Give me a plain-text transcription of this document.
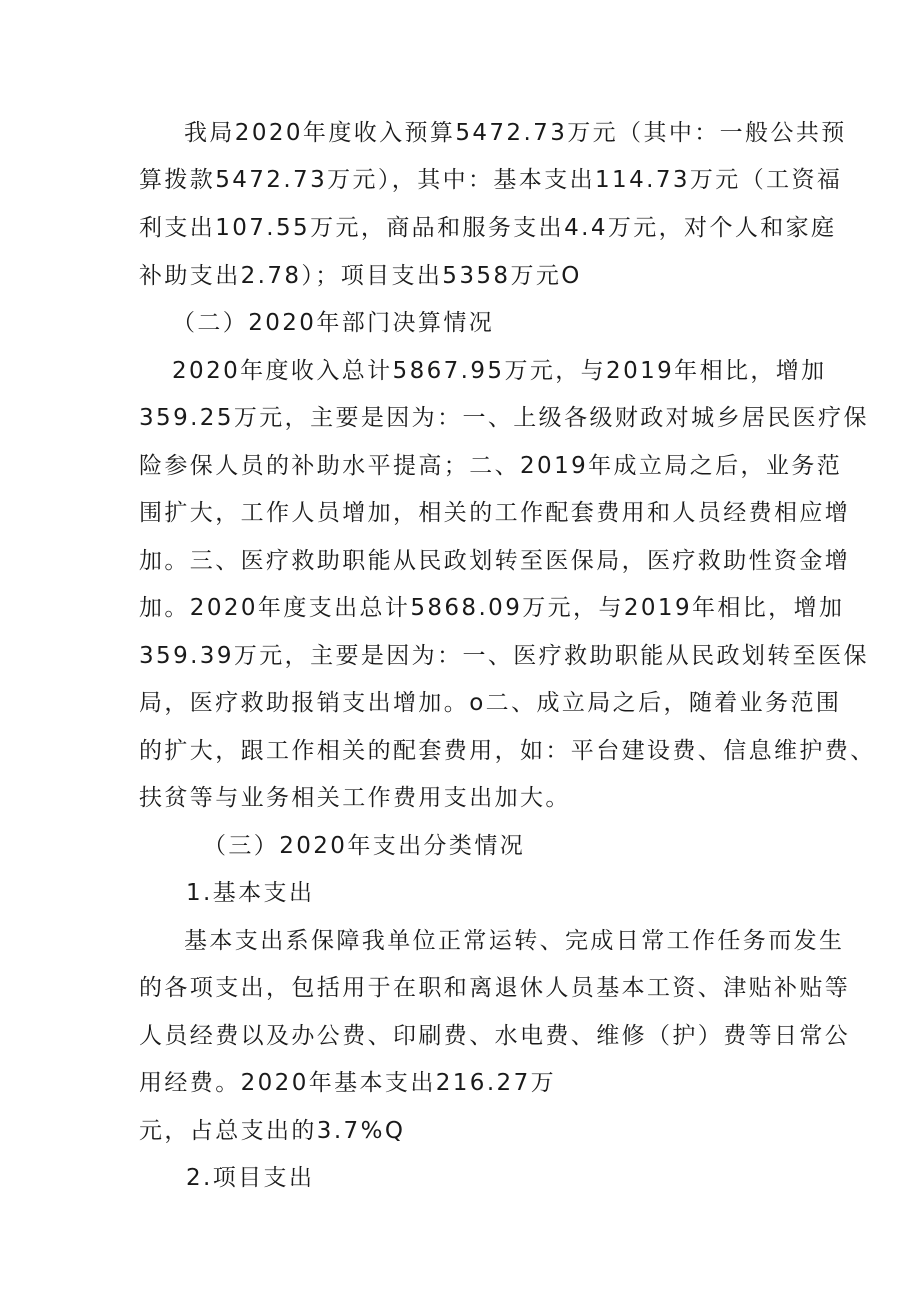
我局2020年度收入预算5472.73万元（其中：一般公共预
算拨款5472.73万元），其中：基本支出114.73万元（工资福
利支出107.55万元，商品和服务支出4.4万元，对个人和家庭
补助支出2.78）；项目支出5358万元O
（二）2020年部门决算情况
2020年度收入总计5867.95万元，与2019年相比，增加
359.25万元，主要是因为：一、上级各级财政对城乡居民医疗保
险参保人员的补助水平提高；二、2019年成立局之后，业务范
围扩大，工作人员增加，相关的工作配套费用和人员经费相应增
加。三、医疗救助职能从民政划转至医保局，医疗救助性资金增
加。2020年度支出总计5868.09万元，与2019年相比，增加
359.39万元，主要是因为：一、医疗救助职能从民政划转至医保
局，医疗救助报销支出增加。o二、成立局之后，随着业务范围
的扩大，跟工作相关的配套费用，如：平台建设费、信息维护费、
扶贫等与业务相关工作费用支出加大。
（三）2020年支出分类情况
1.基本支出
基本支出系保障我单位正常运转、完成日常工作任务而发生
的各项支出，包括用于在职和离退休人员基本工资、津贴补贴等
人员经费以及办公费、印刷费、水电费、维修（护）费等日常公
用经费。2020年基本支出216.27万
元，占总支出的3.7%Q
2.项目支出
